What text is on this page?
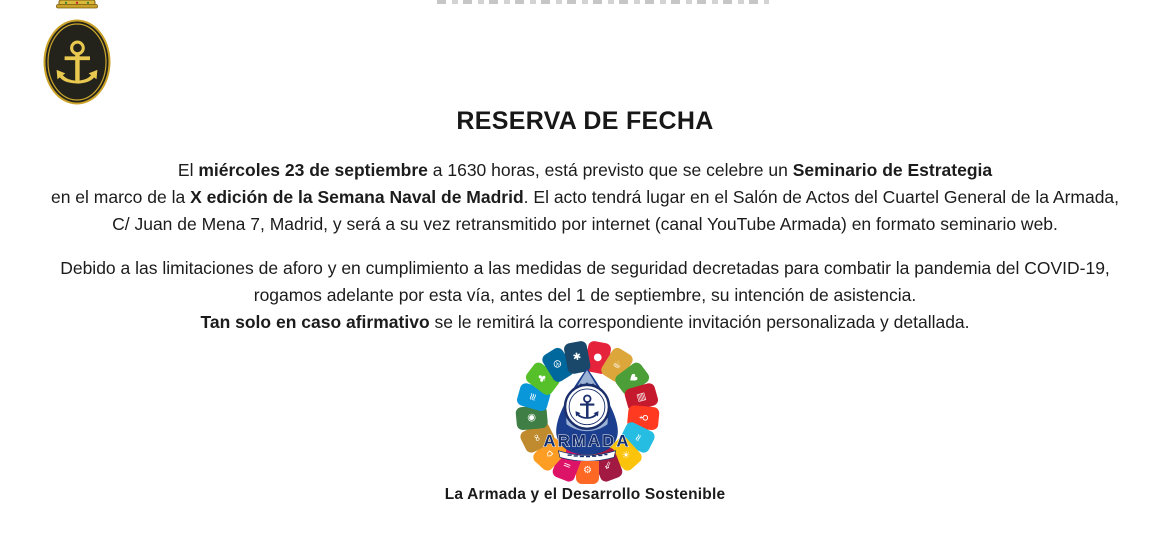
⚓
RESERVA DE FECHA
El miércoles 23 de septiembre a 1630 horas, está previsto que se celebre un Seminario de Estrategia
en el marco de la X edición de la Semana Naval de Madrid. El acto tendrá lugar en el Salón de Actos del Cuartel General de la Armada,
C/ Juan de Mena 7, Madrid, y será a su vez retransmitido por internet (canal YouTube Armada) en formato seminario web.
Debido a las limitaciones de aforo y en cumplimiento a las medidas de seguridad decretadas para combatir la pandemia del COVID-19,
rogamos adelante por esta vía, antes del 1 de septiembre, su intención de asistencia.
Tan solo en caso afirmativo se le remitirá la correspondiente invitación personalizada y detallada.
●
☕
♥
▤
♀
≈
☀
⇗
⚙
=
⌂
∞
◉
≋
♣
☮
✱
⚓
ARMADA
La Armada y el Desarrollo Sostenible
